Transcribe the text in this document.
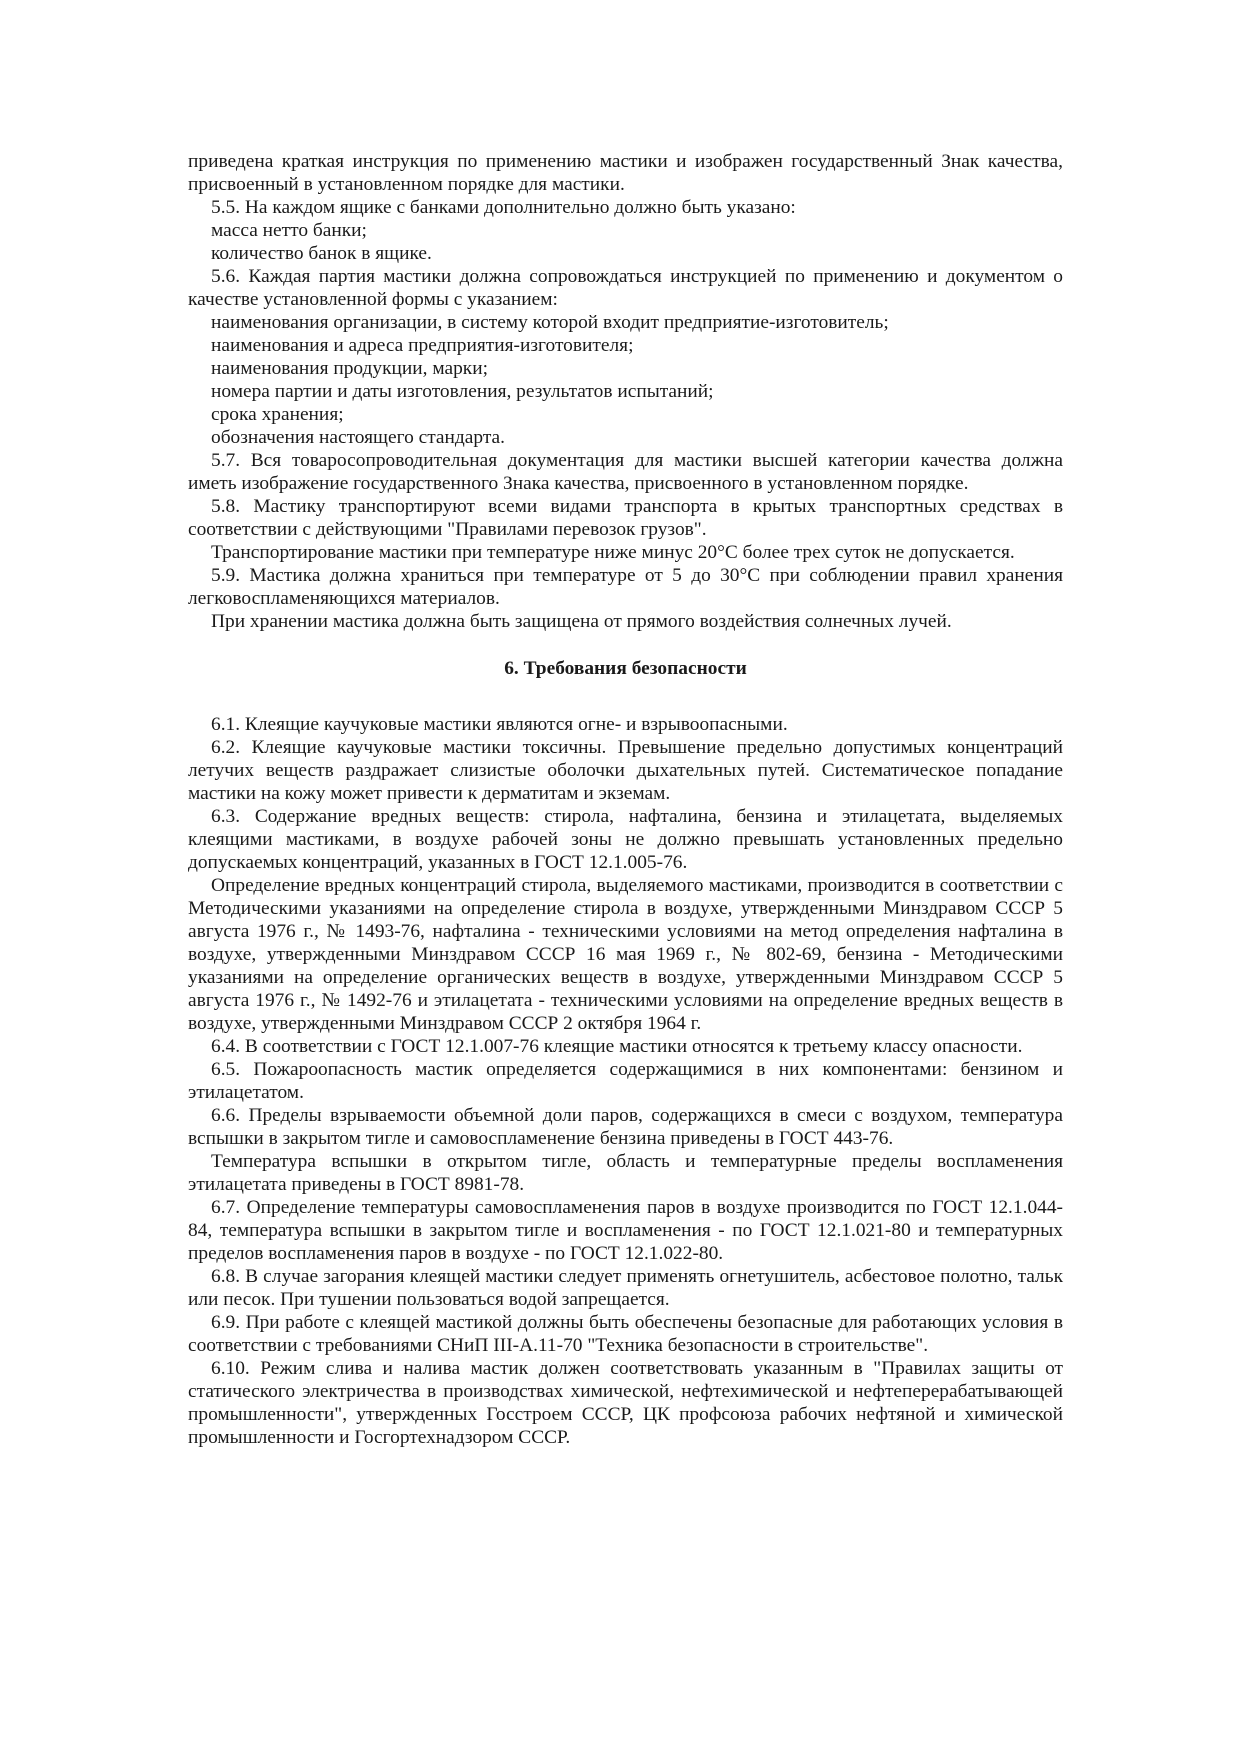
приведена краткая инструкция по применению мастики и изображен государственный Знак качества, присвоенный в установленном порядке для мастики.

5.5. На каждом ящике с банками дополнительно должно быть указано:

масса нетто банки;

количество банок в ящике.

5.6. Каждая партия мастики должна сопровождаться инструкцией по применению и документом о качестве установленной формы с указанием:

наименования организации, в систему которой входит предприятие-изготовитель;

наименования и адреса предприятия-изготовителя;

наименования продукции, марки;

номера партии и даты изготовления, результатов испытаний;

срока хранения;

обозначения настоящего стандарта.

5.7. Вся товаросопроводительная документация для мастики высшей категории качества должна иметь изображение государственного Знака качества, присвоенного в установленном порядке.

5.8. Мастику транспортируют всеми видами транспорта в крытых транспортных средствах в соответствии с действующими "Правилами перевозок грузов".

Транспортирование мастики при температуре ниже минус 20°С более трех суток не допускается.

5.9. Мастика должна храниться при температуре от 5 до 30°С при соблюдении правил хранения легковоспламеняющихся материалов.

При хранении мастика должна быть защищена от прямого воздействия солнечных лучей.

6. Требования безопасности

6.1. Клеящие каучуковые мастики являются огне- и взрывоопасными.

6.2. Клеящие каучуковые мастики токсичны. Превышение предельно допустимых концентраций летучих веществ раздражает слизистые оболочки дыхательных путей. Систематическое попадание мастики на кожу может привести к дерматитам и экземам.

6.3. Содержание вредных веществ: стирола, нафталина, бензина и этилацетата, выделяемых клеящими мастиками, в воздухе рабочей зоны не должно превышать установленных предельно допускаемых концентраций, указанных в ГОСТ 12.1.005-76.

Определение вредных концентраций стирола, выделяемого мастиками, производится в соответствии с Методическими указаниями на определение стирола в воздухе, утвержденными Минздравом СССР 5 августа 1976 г., № 1493-76, нафталина - техническими условиями на метод определения нафталина в воздухе, утвержденными Минздравом СССР 16 мая 1969 г., № 802-69, бензина - Методическими указаниями на определение органических веществ в воздухе, утвержденными Минздравом СССР 5 августа 1976 г., № 1492-76 и этилацетата - техническими условиями на определение вредных веществ в воздухе, утвержденными Минздравом СССР 2 октября 1964 г.

6.4. В соответствии с ГОСТ 12.1.007-76 клеящие мастики относятся к третьему классу опасности.

6.5. Пожароопасность мастик определяется содержащимися в них компонентами: бензином и этилацетатом.

6.6. Пределы взрываемости объемной доли паров, содержащихся в смеси с воздухом, температура вспышки в закрытом тигле и самовоспламенение бензина приведены в ГОСТ 443-76.

Температура вспышки в открытом тигле, область и температурные пределы воспламенения этилацетата приведены в ГОСТ 8981-78.

6.7. Определение температуры самовоспламенения паров в воздухе производится по ГОСТ 12.1.044-84, температура вспышки в закрытом тигле и воспламенения - по ГОСТ 12.1.021-80 и температурных пределов воспламенения паров в воздухе - по ГОСТ 12.1.022-80.

6.8. В случае загорания клеящей мастики следует применять огнетушитель, асбестовое полотно, тальк или песок. При тушении пользоваться водой запрещается.

6.9. При работе с клеящей мастикой должны быть обеспечены безопасные для работающих условия в соответствии с требованиями СНиП III-А.11-70 "Техника безопасности в строительстве".

6.10. Режим слива и налива мастик должен соответствовать указанным в "Правилах защиты от статического электричества в производствах химической, нефтехимической и нефтеперерабатывающей промышленности", утвержденных Госстроем СССР, ЦК профсоюза рабочих нефтяной и химической промышленности и Госгортехнадзором СССР.
